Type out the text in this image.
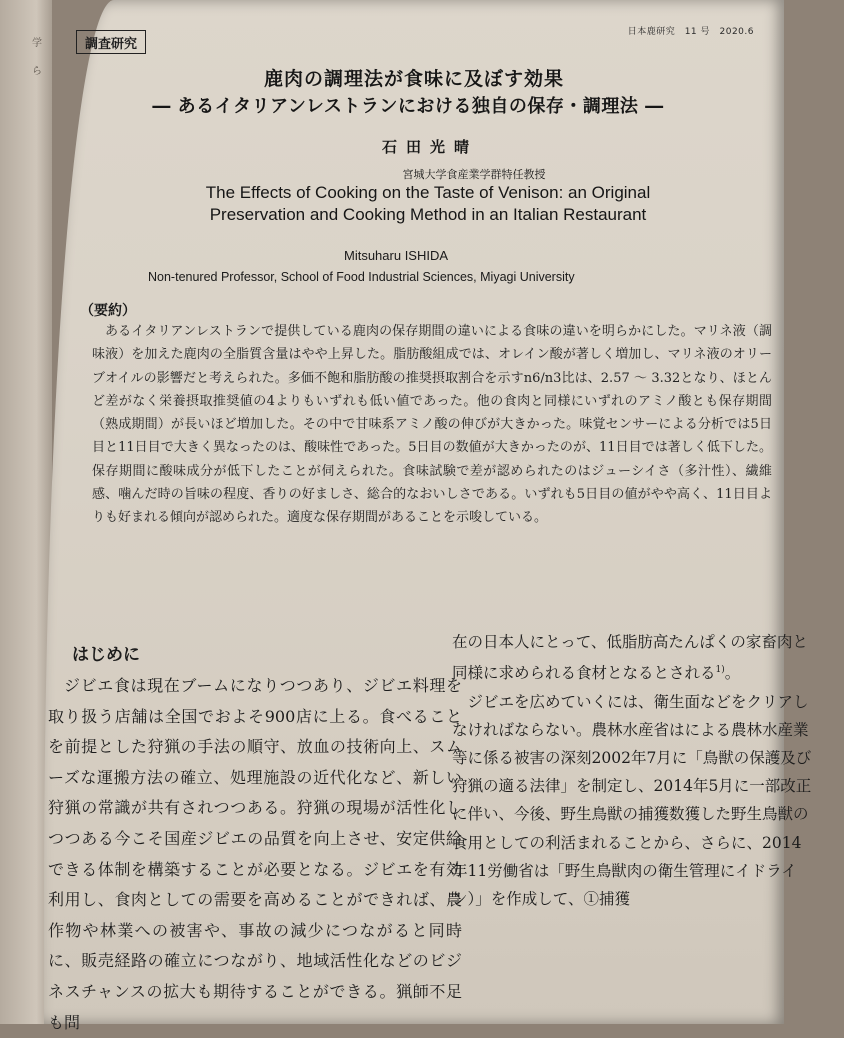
学
ら
日本鹿研究　11 号　2020.6
調査研究
鹿肉の調理法が食味に及ぼす効果
― あるイタリアンレストランにおける独自の保存・調理法 ―
石田光晴
宮城大学食産業学群特任教授
The Effects of Cooking on the Taste of Venison: an Original
Preservation and Cooking Method in an Italian Restaurant
Mitsuharu ISHIDA
Non-tenured Professor, School of Food Industrial Sciences, Miyagi University
（要約）
あるイタリアンレストランで提供している鹿肉の保存期間の違いによる食味の違いを明らかにした。マリネ液（調味液）を加えた鹿肉の全脂質含量はやや上昇した。脂肪酸組成では、オレイン酸が著しく増加し、マリネ液のオリーブオイルの影響だと考えられた。多価不飽和脂肪酸の推奨摂取割合を示すn6/n3比は、2.57 ～ 3.32となり、ほとんど差がなく栄養摂取推奨値の4よりもいずれも低い値であった。他の食肉と同様にいずれのアミノ酸とも保存期間（熟成期間）が長いほど増加した。その中で甘味系アミノ酸の伸びが大きかった。味覚センサーによる分析では5日目と11日目で大きく異なったのは、酸味性であった。5日目の数値が大きかったのが、11日目では著しく低下した。保存期間に酸味成分が低下したことが伺えられた。食味試験で差が認められたのはジューシイさ（多汁性）、繊維感、噛んだ時の旨味の程度、香りの好ましさ、総合的なおいしさである。いずれも5日目の値がやや高く、11日目よりも好まれる傾向が認められた。適度な保存期間があることを示唆している。
はじめに
ジビエ食は現在ブームになりつつあり、ジビエ料理を取り扱う店舗は全国でおよそ900店に上る。食べることを前提とした狩猟の手法の順守、放血の技術向上、スムーズな運搬方法の確立、処理施設の近代化など、新しい狩猟の常識が共有されつつある。狩猟の現場が活性化しつつある今こそ国産ジビエの品質を向上させ、安定供給できる体制を構築することが必要となる。ジビエを有効利用し、食肉としての需要を高めることができれば、農作物や林業への被害や、事故の減少につながると同時に、販売経路の確立につながり、地域活性化などのビジネスチャンスの拡大も期待することができる。猟師不足も問

在の日本人にとって、低脂肪高たんぱくの家畜肉と同様に求められる食材となるとされる$^{1)}$。

ジビエを広めていくには、衛生面などをクリアしなければならない。農林水産省はによる農林水産業等に係る被害の深刻2002年7月に「鳥獣の保護及び狩猟の適る法律」を制定し、2014年5月に一部改正に伴い、今後、野生鳥獣の捕獲数獲した野生鳥獣の食用としての利活まれることから、さらに、2014年11労働省は「野生鳥獣肉の衛生管理にイドライン）」を作成して、①捕獲
